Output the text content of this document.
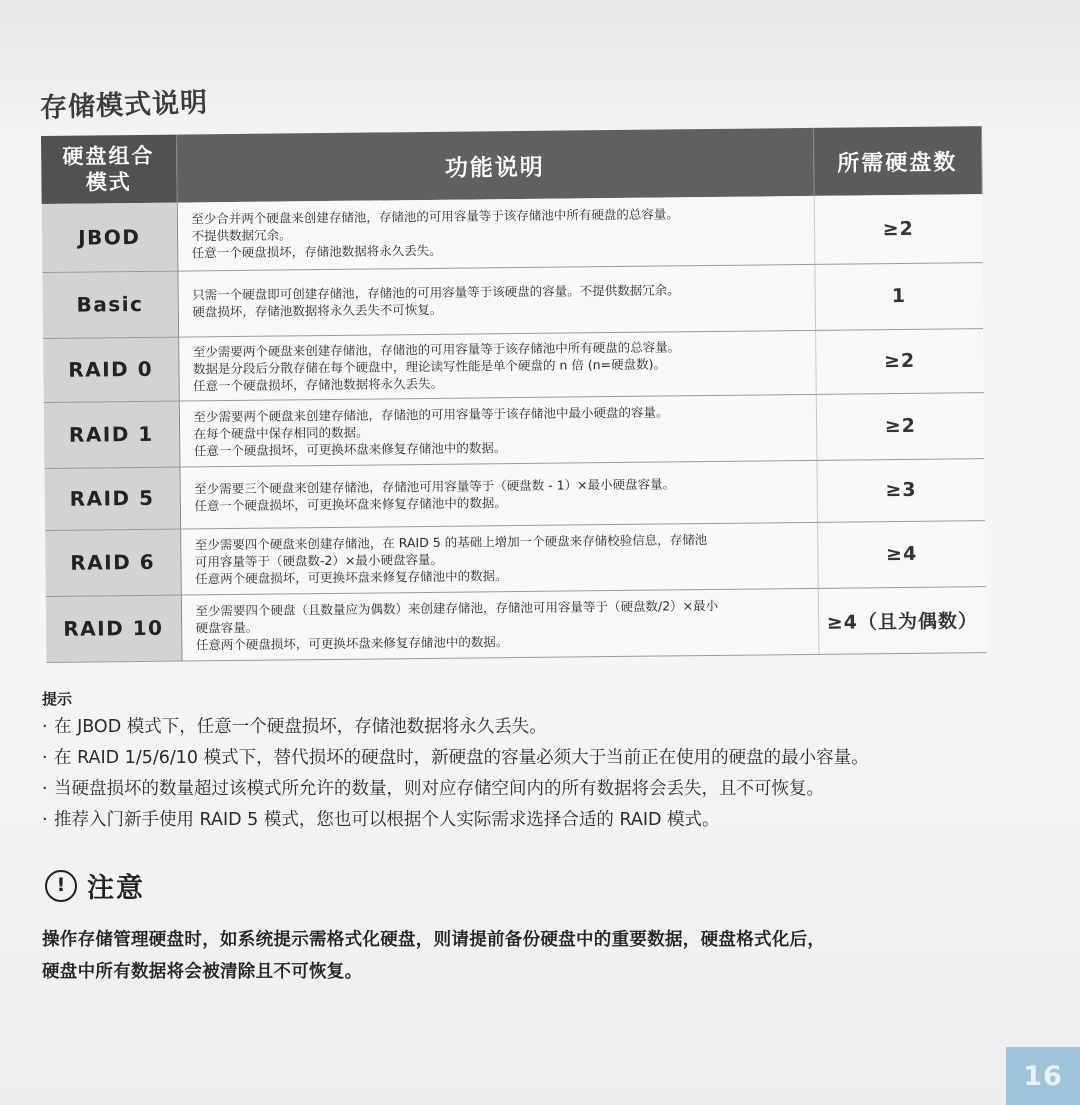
存储模式说明
硬盘组合
模式	功能说明	所需硬盘数
JBOD	至少合并两个硬盘来创建存储池，存储池的可用容量等于该存储池中所有硬盘的总容量。
不提供数据冗余。
任意一个硬盘损坏，存储池数据将永久丢失。	≥2
Basic	只需一个硬盘即可创建存储池，存储池的可用容量等于该硬盘的容量。不提供数据冗余。
硬盘损坏，存储池数据将永久丢失不可恢复。	1
RAID 0	至少需要两个硬盘来创建存储池，存储池的可用容量等于该存储池中所有硬盘的总容量。
数据是分段后分散存储在每个硬盘中，理论读写性能是单个硬盘的 n 倍 (n=硬盘数)。
任意一个硬盘损坏，存储池数据将永久丢失。	≥2
RAID 1	至少需要两个硬盘来创建存储池，存储池的可用容量等于该存储池中最小硬盘的容量。
在每个硬盘中保存相同的数据。
任意一个硬盘损坏，可更换坏盘来修复存储池中的数据。	≥2
RAID 5	至少需要三个硬盘来创建存储池，存储池可用容量等于（硬盘数 - 1）×最小硬盘容量。
任意一个硬盘损坏，可更换坏盘来修复存储池中的数据。	≥3
RAID 6	至少需要四个硬盘来创建存储池，在 RAID 5 的基础上增加一个硬盘来存储校验信息，存储池
可用容量等于（硬盘数-2）×最小硬盘容量。
任意两个硬盘损坏，可更换坏盘来修复存储池中的数据。	≥4
RAID 10	至少需要四个硬盘（且数量应为偶数）来创建存储池，存储池可用容量等于（硬盘数/2）×最小
硬盘容量。
任意两个硬盘损坏，可更换坏盘来修复存储池中的数据。	≥4（且为偶数）
提示
· 在 JBOD 模式下，任意一个硬盘损坏，存储池数据将永久丢失。
· 在 RAID 1/5/6/10 模式下，替代损坏的硬盘时，新硬盘的容量必须大于当前正在使用的硬盘的最小容量。
· 当硬盘损坏的数量超过该模式所允许的数量，则对应存储空间内的所有数据将会丢失，且不可恢复。
· 推荐入门新手使用 RAID 5 模式，您也可以根据个人实际需求选择合适的 RAID 模式。
! 注意
操作存储管理硬盘时，如系统提示需格式化硬盘，则请提前备份硬盘中的重要数据，硬盘格式化后，
硬盘中所有数据将会被清除且不可恢复。
16
